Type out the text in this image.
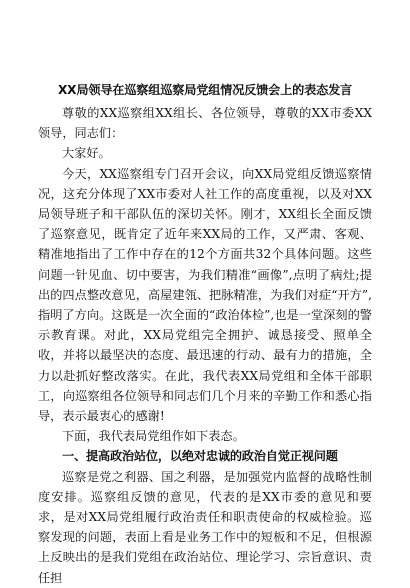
XX局领导在巡察组巡察局党组情况反馈会上的表态发言

尊敬的XX巡察组XX组长、各位领导，尊敬的XX市委XX领导，同志们：

大家好。

今天，XX巡察组专门召开会议，向XX局党组反馈巡察情况，这充分体现了XX市委对人社工作的高度重视，以及对XX局领导班子和干部队伍的深切关怀。刚才，XX组长全面反馈了巡察意见，既肯定了近年来XX局的工作，又严肃、客观、精准地指出了工作中存在的12个方面共32个具体问题。这些问题一针见血、切中要害，为我们精准“画像”,点明了病灶;提出的四点整改意见，高屋建瓴、把脉精准，为我们对症“开方”,指明了方向。这既是一次全面的“政治体检”,也是一堂深刻的警示教育课。对此，XX局党组完全拥护、诚恳接受、照单全收，并将以最坚决的态度、最迅速的行动、最有力的措施，全力以赴抓好整改落实。在此，我代表XX局党组和全体干部职工，向巡察组各位领导和同志们几个月来的辛勤工作和悉心指导，表示最衷心的感谢!

下面，我代表局党组作如下表态。

一、提高政治站位，以绝对忠诚的政治自觉正视问题

巡察是党之利器、国之利器，是加强党内监督的战略性制度安排。巡察组反馈的意见，代表的是XX市委的意见和要求，是对XX局党组履行政治责任和职责使命的权威检验。巡察发现的问题，表面上看是业务工作中的短板和不足，但根源上反映出的是我们党组在政治站位、理论学习、宗旨意识、责任担
